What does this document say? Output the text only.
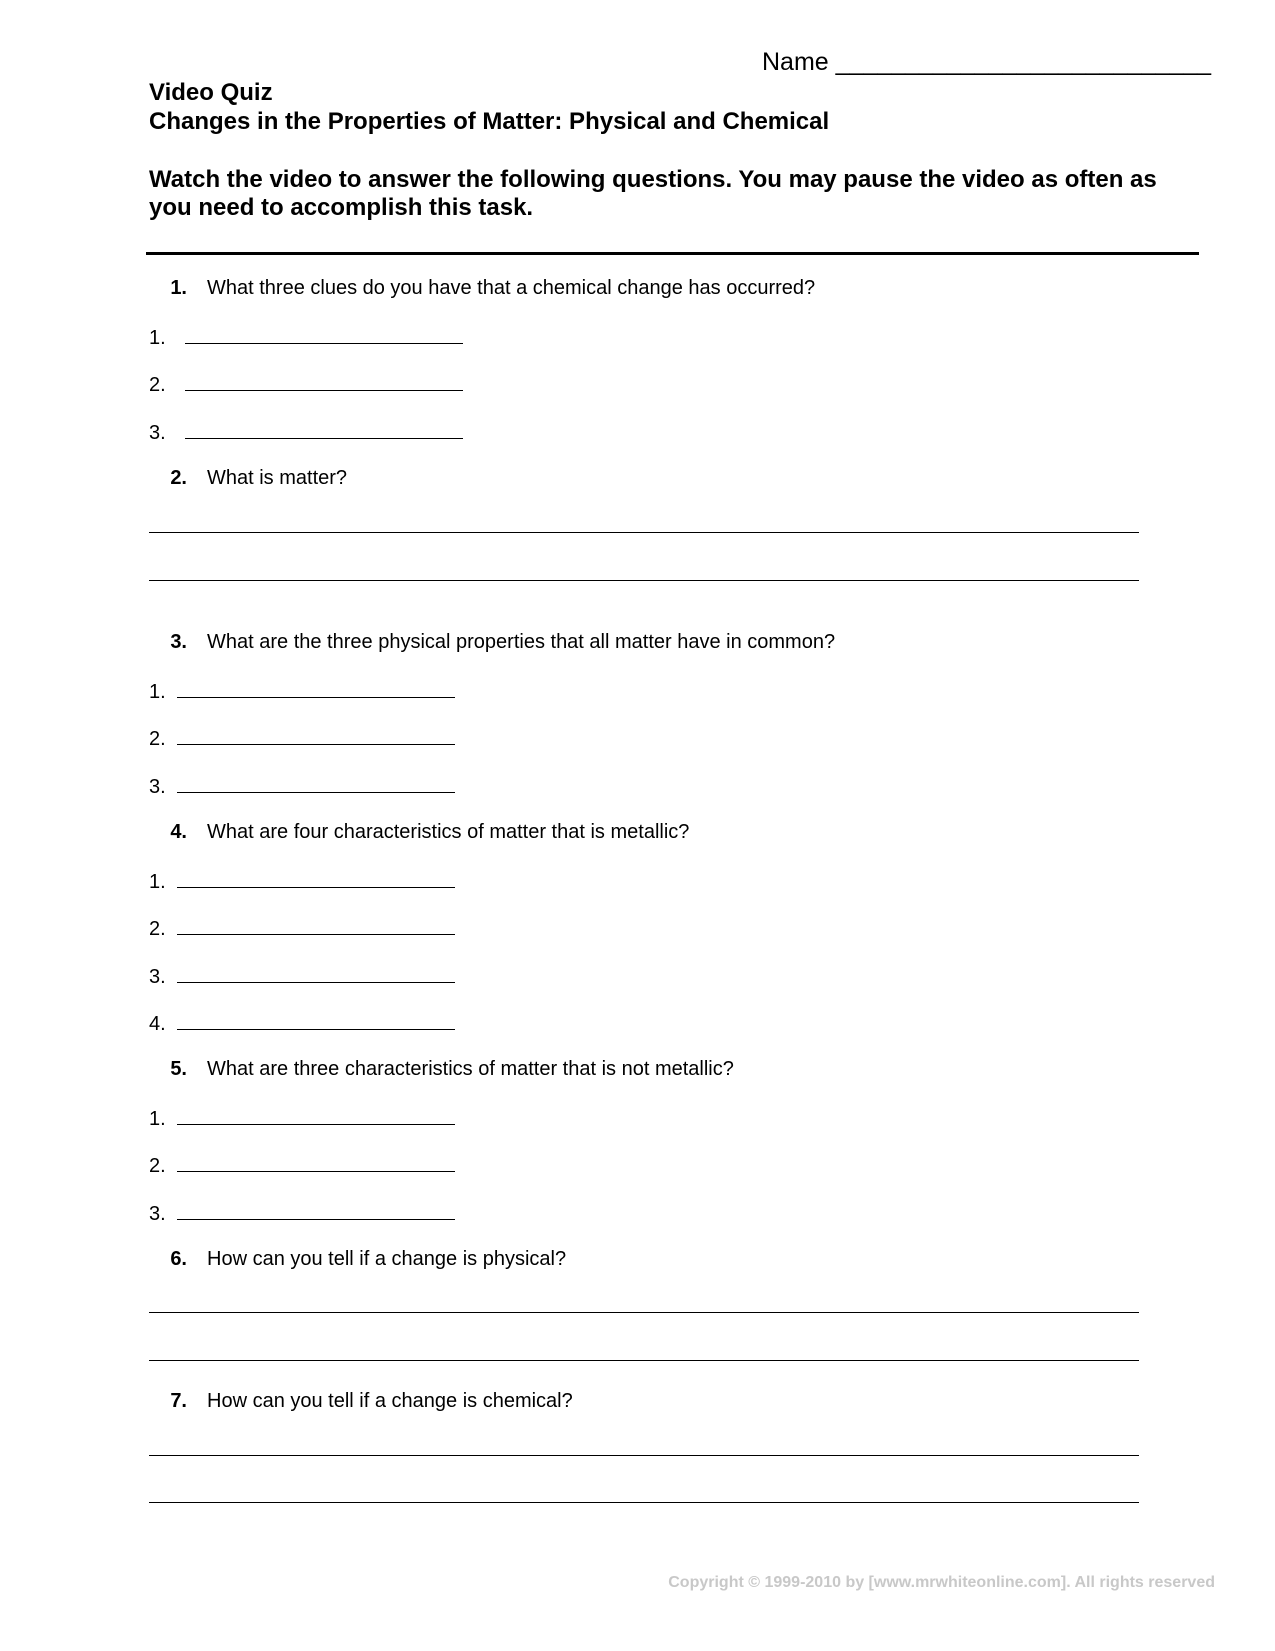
Name ___________________________
Video Quiz
Changes in the Properties of Matter: Physical and Chemical
Watch the video to answer the following questions. You may pause the video as often as you need to accomplish this task.
1. What three clues do you have that a chemical change has occurred?
1.
2.
3.
2. What is matter?
3. What are the three physical properties that all matter have in common?
1.
2.
3.
4. What are four characteristics of matter that is metallic?
1.
2.
3.
4.
5. What are three characteristics of matter that is not metallic?
1.
2.
3.
6. How can you tell if a change is physical?
7. How can you tell if a change is chemical?
Copyright © 1999-2010 by [www.mrwhiteonline.com]. All rights reserved
